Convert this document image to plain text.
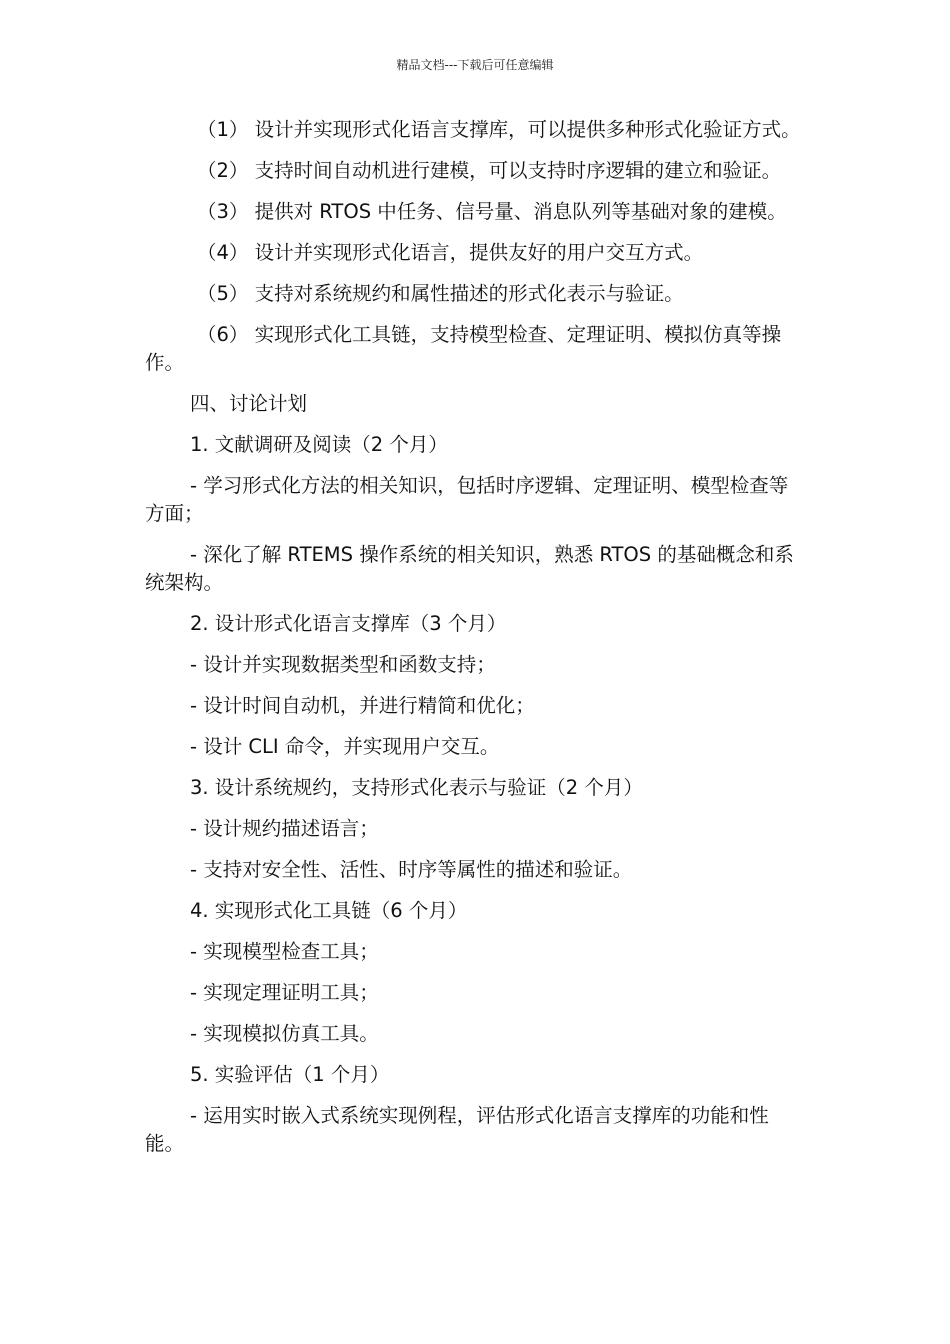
精品文档---下载后可任意编辑

（1） 设计并实现形式化语言支撑库，可以提供多种形式化验证方式。

（2） 支持时间自动机进行建模，可以支持时序逻辑的建立和验证。

（3） 提供对 RTOS 中任务、信号量、消息队列等基础对象的建模。

（4） 设计并实现形式化语言，提供友好的用户交互方式。

（5） 支持对系统规约和属性描述的形式化表示与验证。

（6） 实现形式化工具链，支持模型检查、定理证明、模拟仿真等操作。

四、讨论计划

1. 文献调研及阅读（2 个月）

- 学习形式化方法的相关知识，包括时序逻辑、定理证明、模型检查等方面；

- 深化了解 RTEMS 操作系统的相关知识，熟悉 RTOS 的基础概念和系统架构。

2. 设计形式化语言支撑库（3 个月）

- 设计并实现数据类型和函数支持；

- 设计时间自动机，并进行精简和优化；

- 设计 CLI 命令，并实现用户交互。

3. 设计系统规约，支持形式化表示与验证（2 个月）

- 设计规约描述语言；

- 支持对安全性、活性、时序等属性的描述和验证。

4. 实现形式化工具链（6 个月）

- 实现模型检查工具；

- 实现定理证明工具；

- 实现模拟仿真工具。

5. 实验评估（1 个月）

- 运用实时嵌入式系统实现例程，评估形式化语言支撑库的功能和性能。
